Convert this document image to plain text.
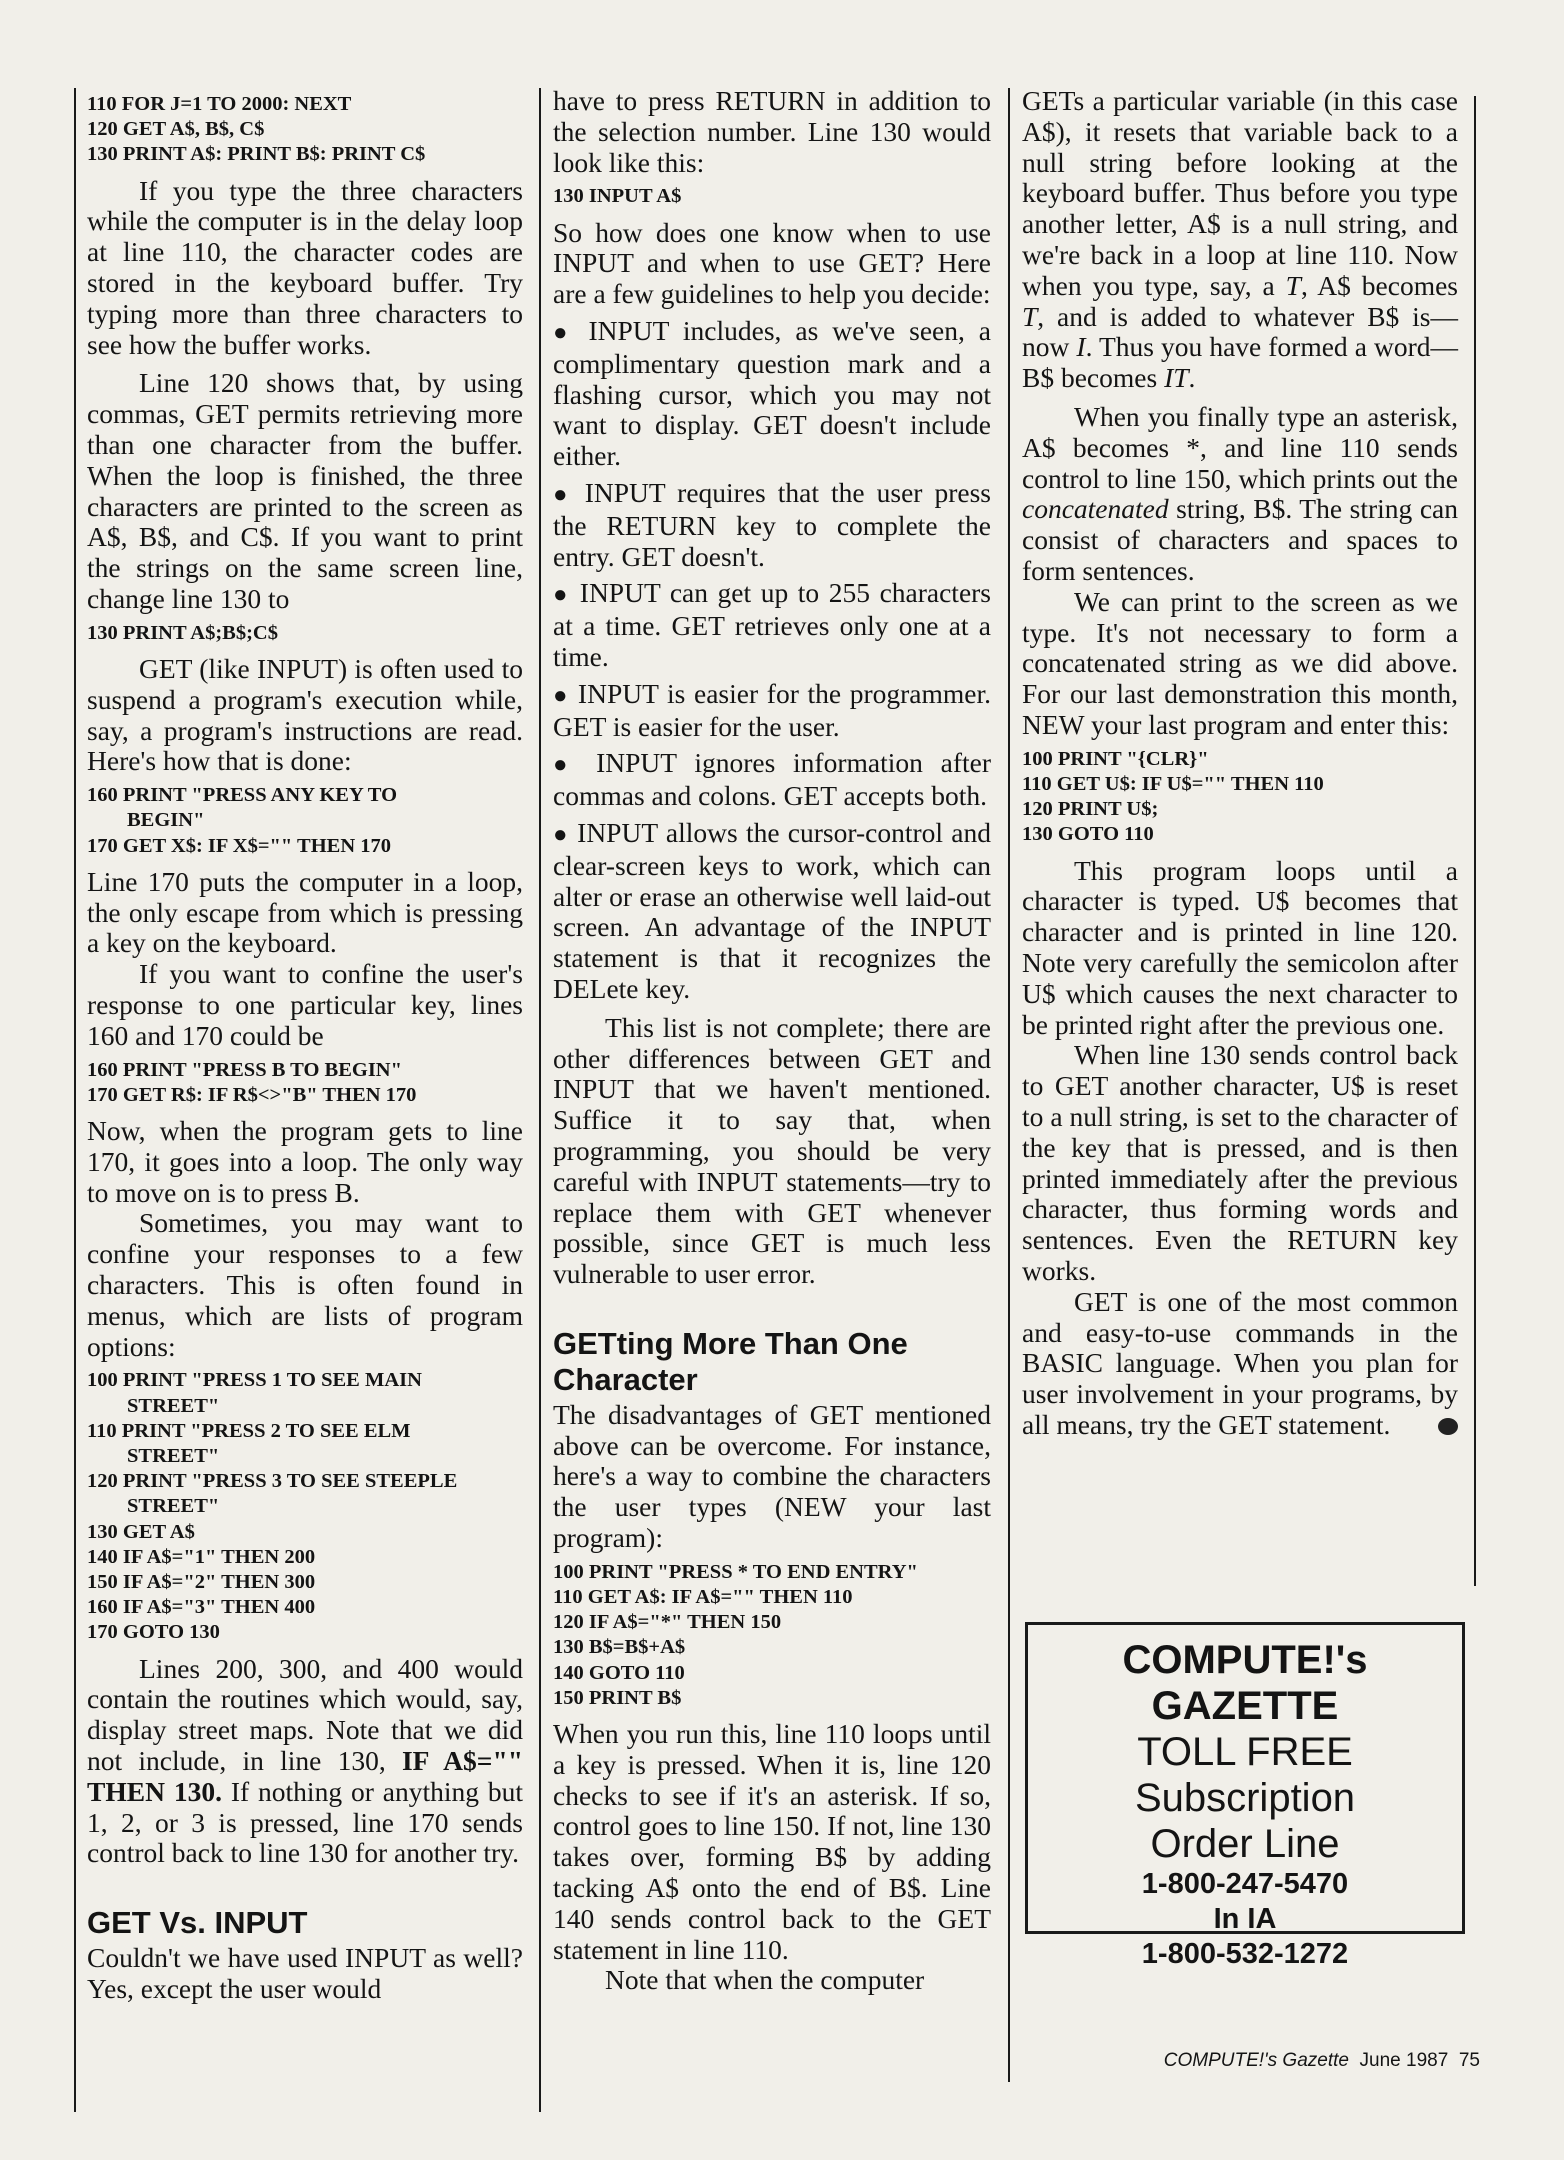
110 FOR J=1 TO 2000: NEXT
120 GET A$, B$, C$
130 PRINT A$: PRINT B$: PRINT C$

If you type the three characters while the computer is in the delay loop at line 110, the character codes are stored in the keyboard buffer. Try typing more than three characters to see how the buffer works.

Line 120 shows that, by using commas, GET permits retrieving more than one character from the buffer. When the loop is finished, the three characters are printed to the screen as A$, B$, and C$. If you want to print the strings on the same screen line, change line 130 to

130 PRINT A$;B$;C$

GET (like INPUT) is often used to suspend a program's execution while, say, a program's instructions are read. Here's how that is done:

160 PRINT "PRESS ANY KEY TO
BEGIN"
170 GET X$: IF X$="" THEN 170

Line 170 puts the computer in a loop, the only escape from which is pressing a key on the keyboard.

If you want to confine the user's response to one particular key, lines 160 and 170 could be

160 PRINT "PRESS B TO BEGIN"
170 GET R$: IF R$<>"B" THEN 170

Now, when the program gets to line 170, it goes into a loop. The only way to move on is to press B.

Sometimes, you may want to confine your responses to a few characters. This is often found in menus, which are lists of program options:

100 PRINT "PRESS 1 TO SEE MAIN
STREET"
110 PRINT "PRESS 2 TO SEE ELM
STREET"
120 PRINT "PRESS 3 TO SEE STEEPLE
STREET"
130 GET A$
140 IF A$="1" THEN 200
150 IF A$="2" THEN 300
160 IF A$="3" THEN 400
170 GOTO 130

Lines 200, 300, and 400 would contain the routines which would, say, display street maps. Note that we did not include, in line 130, IF A$="" THEN 130. If nothing or anything but 1, 2, or 3 is pressed, line 170 sends control back to line 130 for another try.

GET Vs. INPUT

Couldn't we have used INPUT as well? Yes, except the user would

have to press RETURN in addition to the selection number. Line 130 would look like this:

130 INPUT A$

So how does one know when to use INPUT and when to use GET? Here are a few guidelines to help you decide:

● INPUT includes, as we've seen, a complimentary question mark and a flashing cursor, which you may not want to display. GET doesn't include either.

● INPUT requires that the user press the RETURN key to complete the entry. GET doesn't.

● INPUT can get up to 255 characters at a time. GET retrieves only one at a time.

● INPUT is easier for the programmer. GET is easier for the user.

● INPUT ignores information after commas and colons. GET accepts both.

● INPUT allows the cursor-control and clear-screen keys to work, which can alter or erase an otherwise well laid-out screen. An advantage of the INPUT statement is that it recognizes the DELete key.

This list is not complete; there are other differences between GET and INPUT that we haven't mentioned. Suffice it to say that, when programming, you should be very careful with INPUT statements—try to replace them with GET whenever possible, since GET is much less vulnerable to user error.

GETting More Than One Character

The disadvantages of GET mentioned above can be overcome. For instance, here's a way to combine the characters the user types (NEW your last program):

100 PRINT "PRESS * TO END ENTRY"
110 GET A$: IF A$="" THEN 110
120 IF A$="*" THEN 150
130 B$=B$+A$
140 GOTO 110
150 PRINT B$

When you run this, line 110 loops until a key is pressed. When it is, line 120 checks to see if it's an asterisk. If so, control goes to line 150. If not, line 130 takes over, forming B$ by adding tacking A$ onto the end of B$. Line 140 sends control back to the GET statement in line 110.

Note that when the computer

GETs a particular variable (in this case A$), it resets that variable back to a null string before looking at the keyboard buffer. Thus before you type another letter, A$ is a null string, and we're back in a loop at line 110. Now when you type, say, a T, A$ becomes T, and is added to whatever B$ is—now I. Thus you have formed a word—B$ becomes IT.

When you finally type an asterisk, A$ becomes *, and line 110 sends control to line 150, which prints out the concatenated string, B$. The string can consist of characters and spaces to form sentences.

We can print to the screen as we type. It's not necessary to form a concatenated string as we did above. For our last demonstration this month, NEW your last program and enter this:

100 PRINT "{CLR}"
110 GET U$: IF U$="" THEN 110
120 PRINT U$;
130 GOTO 110

This program loops until a character is typed. U$ becomes that character and is printed in line 120. Note very carefully the semicolon after U$ which causes the next character to be printed right after the previous one.

When line 130 sends control back to GET another character, U$ is reset to a null string, is set to the character of the key that is pressed, and is then printed immediately after the previous character, thus forming words and sentences. Even the RETURN key works.

GET is one of the most common and easy-to-use commands in the BASIC language. When you plan for user involvement in your programs, by all means, try the GET statement.

COMPUTE!'s
GAZETTE
TOLL FREE
Subscription
Order Line
1-800-247-5470
In IA
1-800-532-1272
COMPUTE!'s Gazette June 1987 75
